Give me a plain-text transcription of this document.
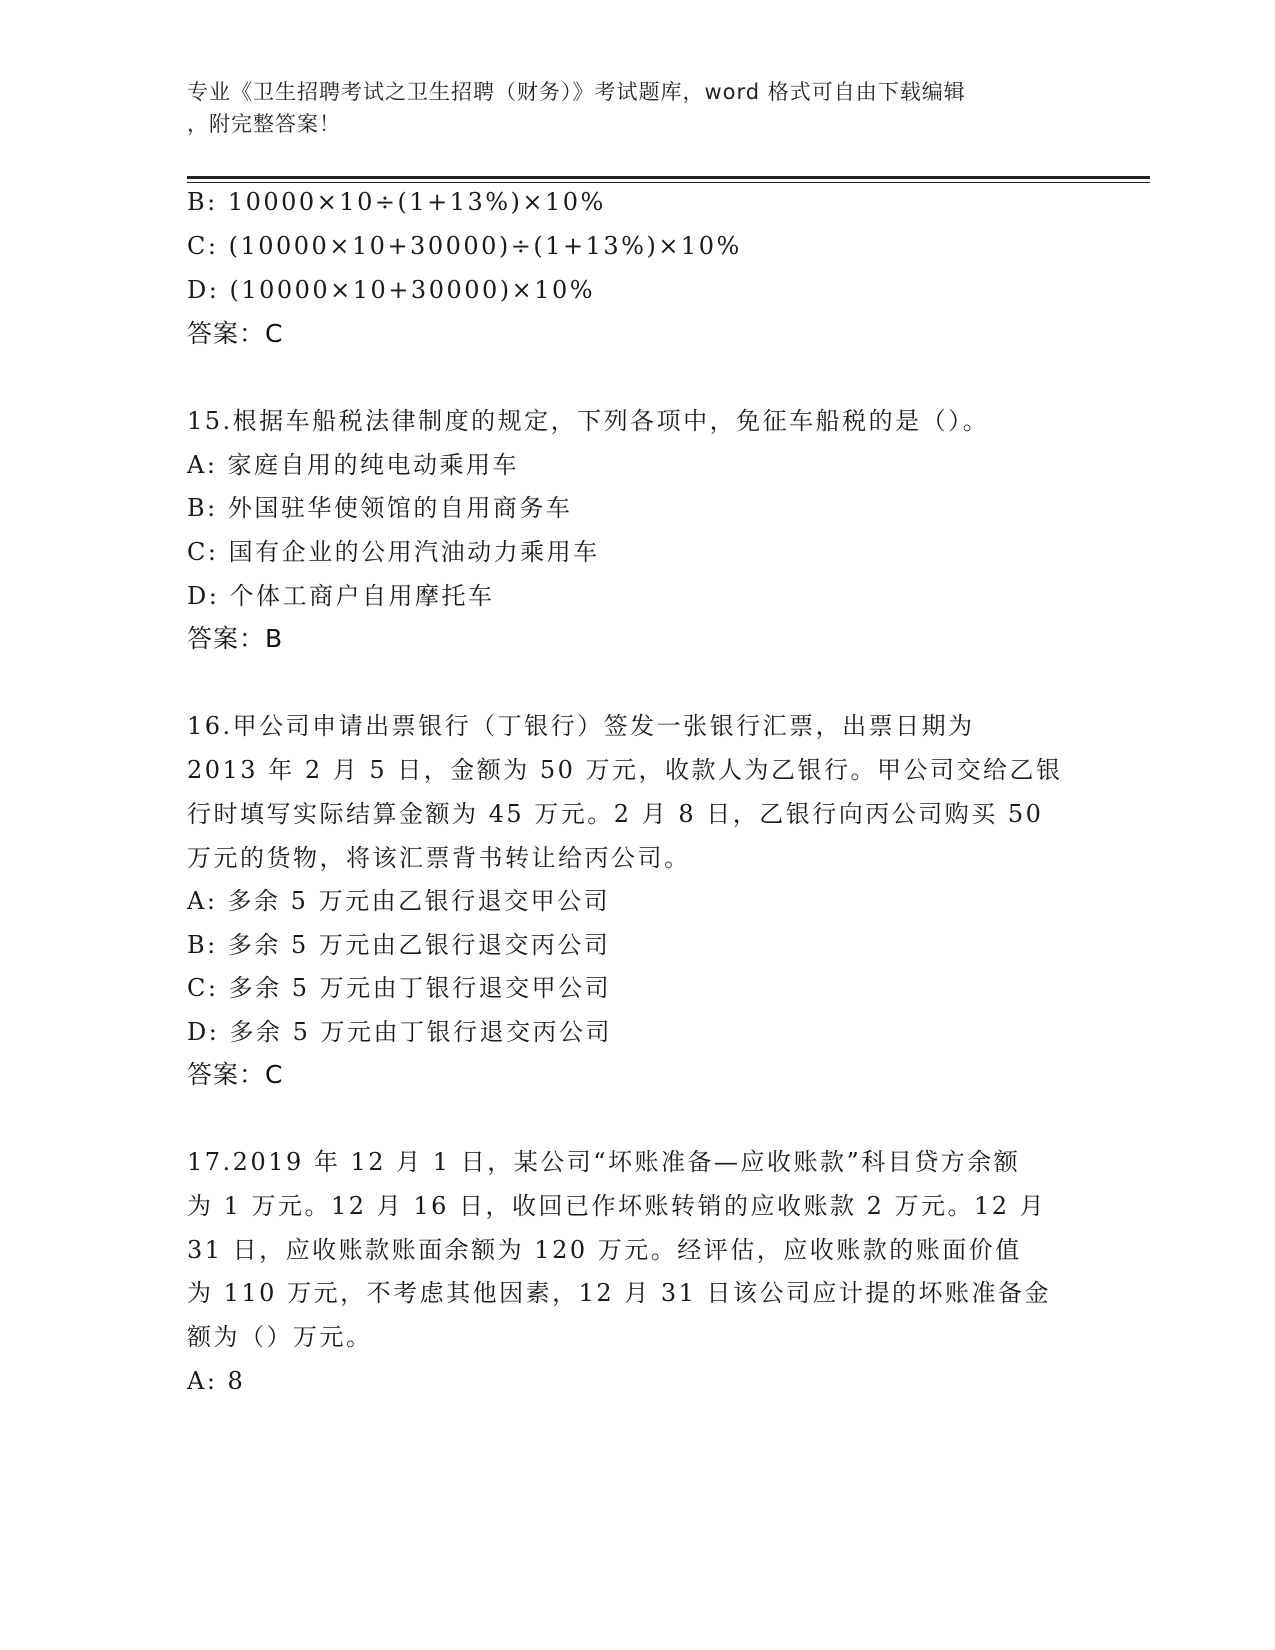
专业《卫生招聘考试之卫生招聘（财务）》考试题库，word 格式可自由下载编辑

，附完整答案！

B: 10000×10÷(1+13%)×10%
C: (10000×10+30000)÷(1+13%)×10%
D: (10000×10+30000)×10%
答案：C
15.根据车船税法律制度的规定，下列各项中，免征车船税的是（）。
A: 家庭自用的纯电动乘用车
B: 外国驻华使领馆的自用商务车
C: 国有企业的公用汽油动力乘用车
D: 个体工商户自用摩托车
答案：B
16.甲公司申请出票银行（丁银行）签发一张银行汇票，出票日期为
2013 年 2 月 5 日，金额为 50 万元，收款人为乙银行。甲公司交给乙银
行时填写实际结算金额为 45 万元。2 月 8 日，乙银行向丙公司购买 50
万元的货物，将该汇票背书转让给丙公司。
A: 多余 5 万元由乙银行退交甲公司
B: 多余 5 万元由乙银行退交丙公司
C: 多余 5 万元由丁银行退交甲公司
D: 多余 5 万元由丁银行退交丙公司
答案：C
17.2019 年 12 月 1 日，某公司“坏账准备—应收账款”科目贷方余额
为 1 万元。12 月 16 日，收回已作坏账转销的应收账款 2 万元。12 月
31 日，应收账款账面余额为 120 万元。经评估，应收账款的账面价值
为 110 万元，不考虑其他因素，12 月 31 日该公司应计提的坏账准备金
额为（）万元。
A: 8
